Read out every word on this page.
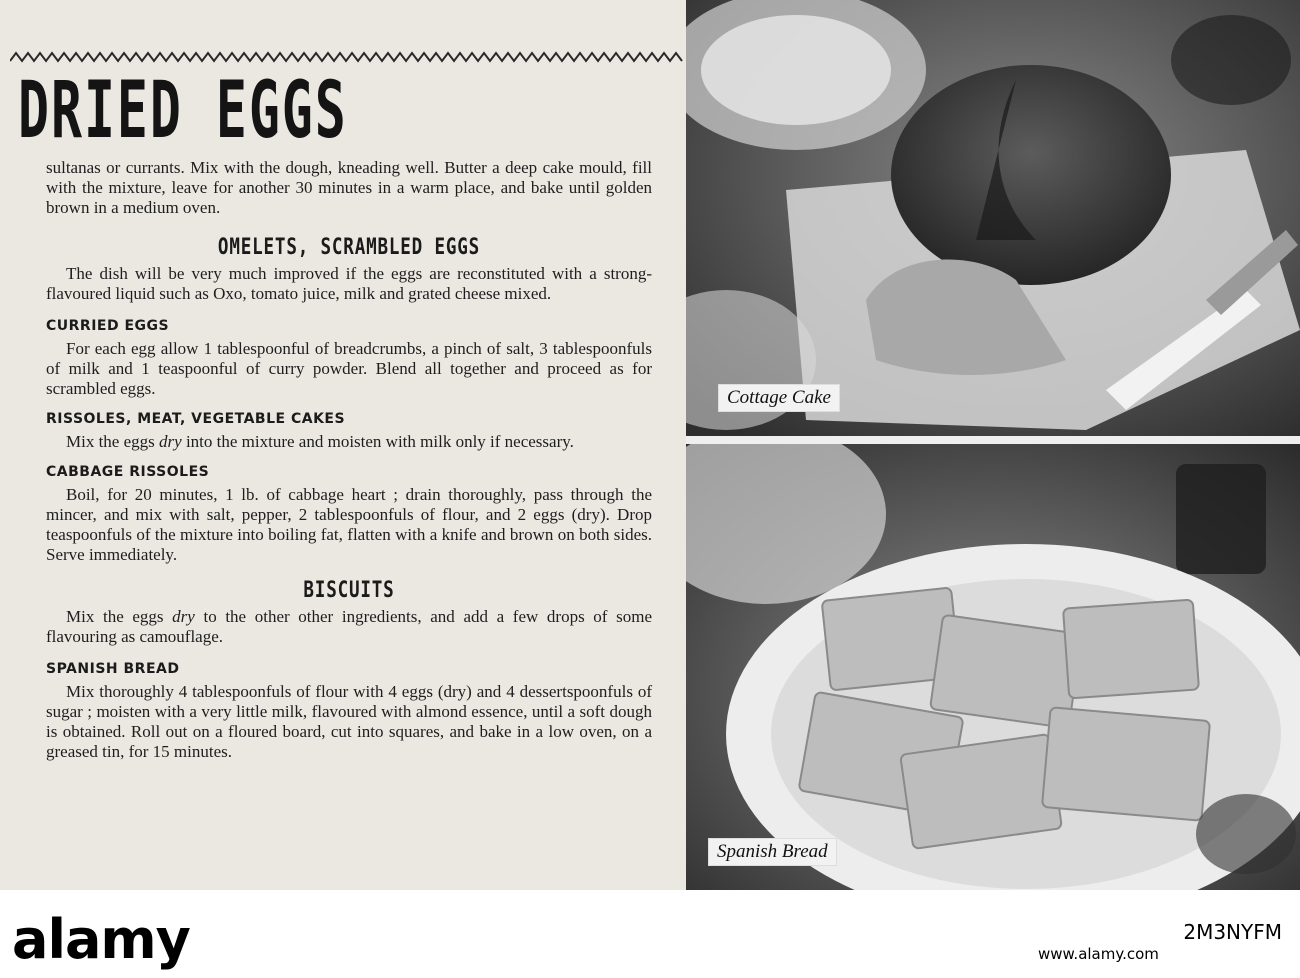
DRIED EGGS

sultanas or currants. Mix with the dough, kneading well. Butter a deep cake mould, fill with the mixture, leave for another 30 minutes in a warm place, and bake until golden brown in a medium oven.

OMELETS, SCRAMBLED EGGS

The dish will be very much improved if the eggs are reconstituted with a strong-flavoured liquid such as Oxo, tomato juice, milk and grated cheese mixed.

CURRIED EGGS

For each egg allow 1 tablespoonful of breadcrumbs, a pinch of salt, 3 tablespoonfuls of milk and 1 teaspoonful of curry powder. Blend all together and proceed as for scrambled eggs.

RISSOLES, MEAT, VEGETABLE CAKES

Mix the eggs dry into the mixture and moisten with milk only if necessary.

CABBAGE RISSOLES

Boil, for 20 minutes, 1 lb. of cabbage heart ; drain thoroughly, pass through the mincer, and mix with salt, pepper, 2 tablespoonfuls of flour, and 2 eggs (dry). Drop teaspoonfuls of the mixture into boiling fat, flatten with a knife and brown on both sides. Serve immediately.

BISCUITS

Mix the eggs dry to the other other ingredients, and add a few drops of some flavouring as camouflage.

SPANISH BREAD

Mix thoroughly 4 tablespoonfuls of flour with 4 eggs (dry) and 4 dessertspoonfuls of sugar ; moisten with a very little milk, flavoured with almond essence, until a soft dough is obtained. Roll out on a floured board, cut into squares, and bake in a low oven, on a greased tin, for 15 minutes.

Cottage Cake
Spanish Bread
alamy	2M3NYFM
www.alamy.com
